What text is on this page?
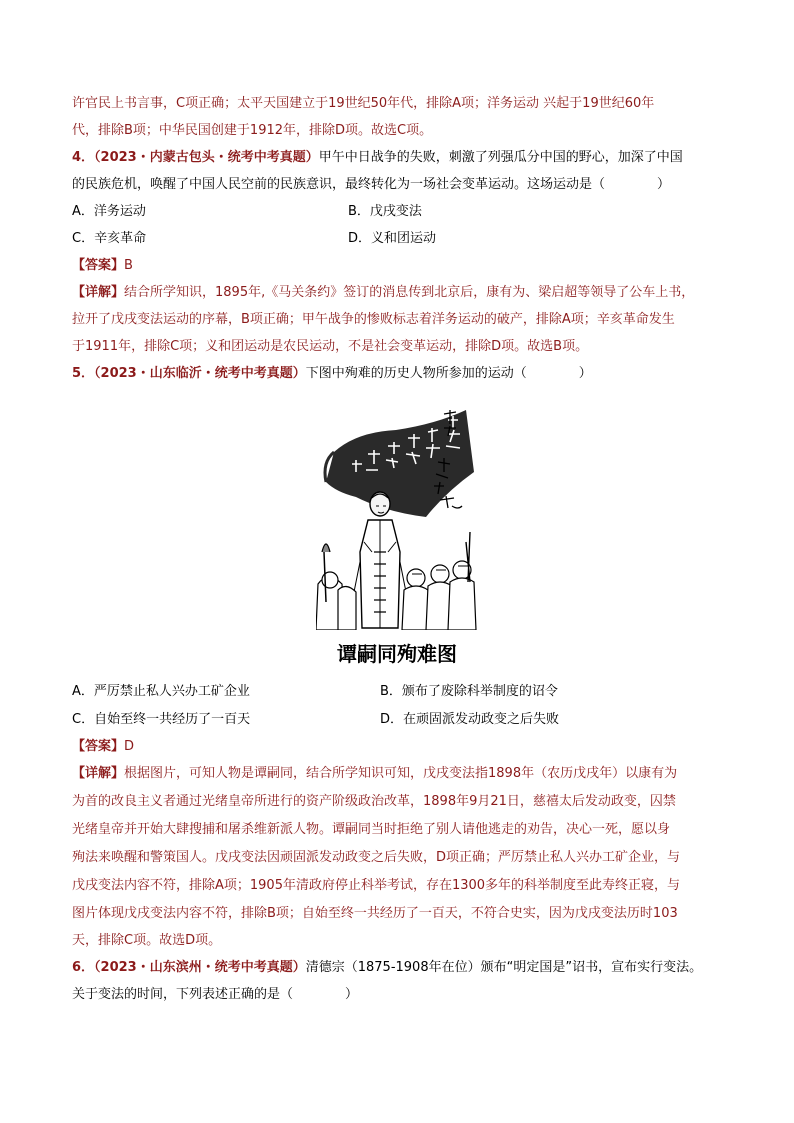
许官民上书言事，C项正确；太平天国建立于19世纪50年代，排除A项；洋务运动 兴起于19世纪60年
代，排除B项；中华民国创建于1912年，排除D项。故选C项。
4．（2023・内蒙古包头・统考中考真题）甲午中日战争的失败，刺激了列强瓜分中国的野心，加深了中国
的民族危机，唤醒了中国人民空前的民族意识，最终转化为一场社会变革运动。这场运动是（　　　　）
A．洋务运动	B．戊戌变法
C．辛亥革命	D．义和团运动
【答案】B
【详解】结合所学知识，1895年,《马关条约》签订的消息传到北京后，康有为、梁启超等领导了公车上书，
拉开了戊戌变法运动的序幕，B项正确；甲午战争的惨败标志着洋务运动的破产，排除A项；辛亥革命发生
于1911年，排除C项；义和团运动是农民运动，不是社会变革运动，排除D项。故选B项。
5．（2023・山东临沂・统考中考真题）下图中殉难的历史人物所参加的运动（　　　　）
谭嗣同殉难图
A．严厉禁止私人兴办工矿企业	B．颁布了废除科举制度的诏令
C．自始至终一共经历了一百天	D．在顽固派发动政变之后失败
【答案】D
【详解】根据图片，可知人物是谭嗣同，结合所学知识可知，戊戌变法指1898年（农历戊戌年）以康有为
为首的改良主义者通过光绪皇帝所进行的资产阶级政治改革，1898年9月21日，慈禧太后发动政变，囚禁
光绪皇帝并开始大肆搜捕和屠杀维新派人物。谭嗣同当时拒绝了别人请他逃走的劝告，决心一死，愿以身
殉法来唤醒和警策国人。戊戌变法因顽固派发动政变之后失败，D项正确；严厉禁止私人兴办工矿企业，与
戊戌变法内容不符，排除A项；1905年清政府停止科举考试，存在1300多年的科举制度至此寿终正寝，与
图片体现戊戌变法内容不符，排除B项；自始至终一共经历了一百天，不符合史实，因为戊戌变法历时103
天，排除C项。故选D项。
6．（2023・山东滨州・统考中考真题）清德宗（1875-1908年在位）颁布“明定国是”诏书，宣布实行变法。
关于变法的时间，下列表述正确的是（　　　　）
